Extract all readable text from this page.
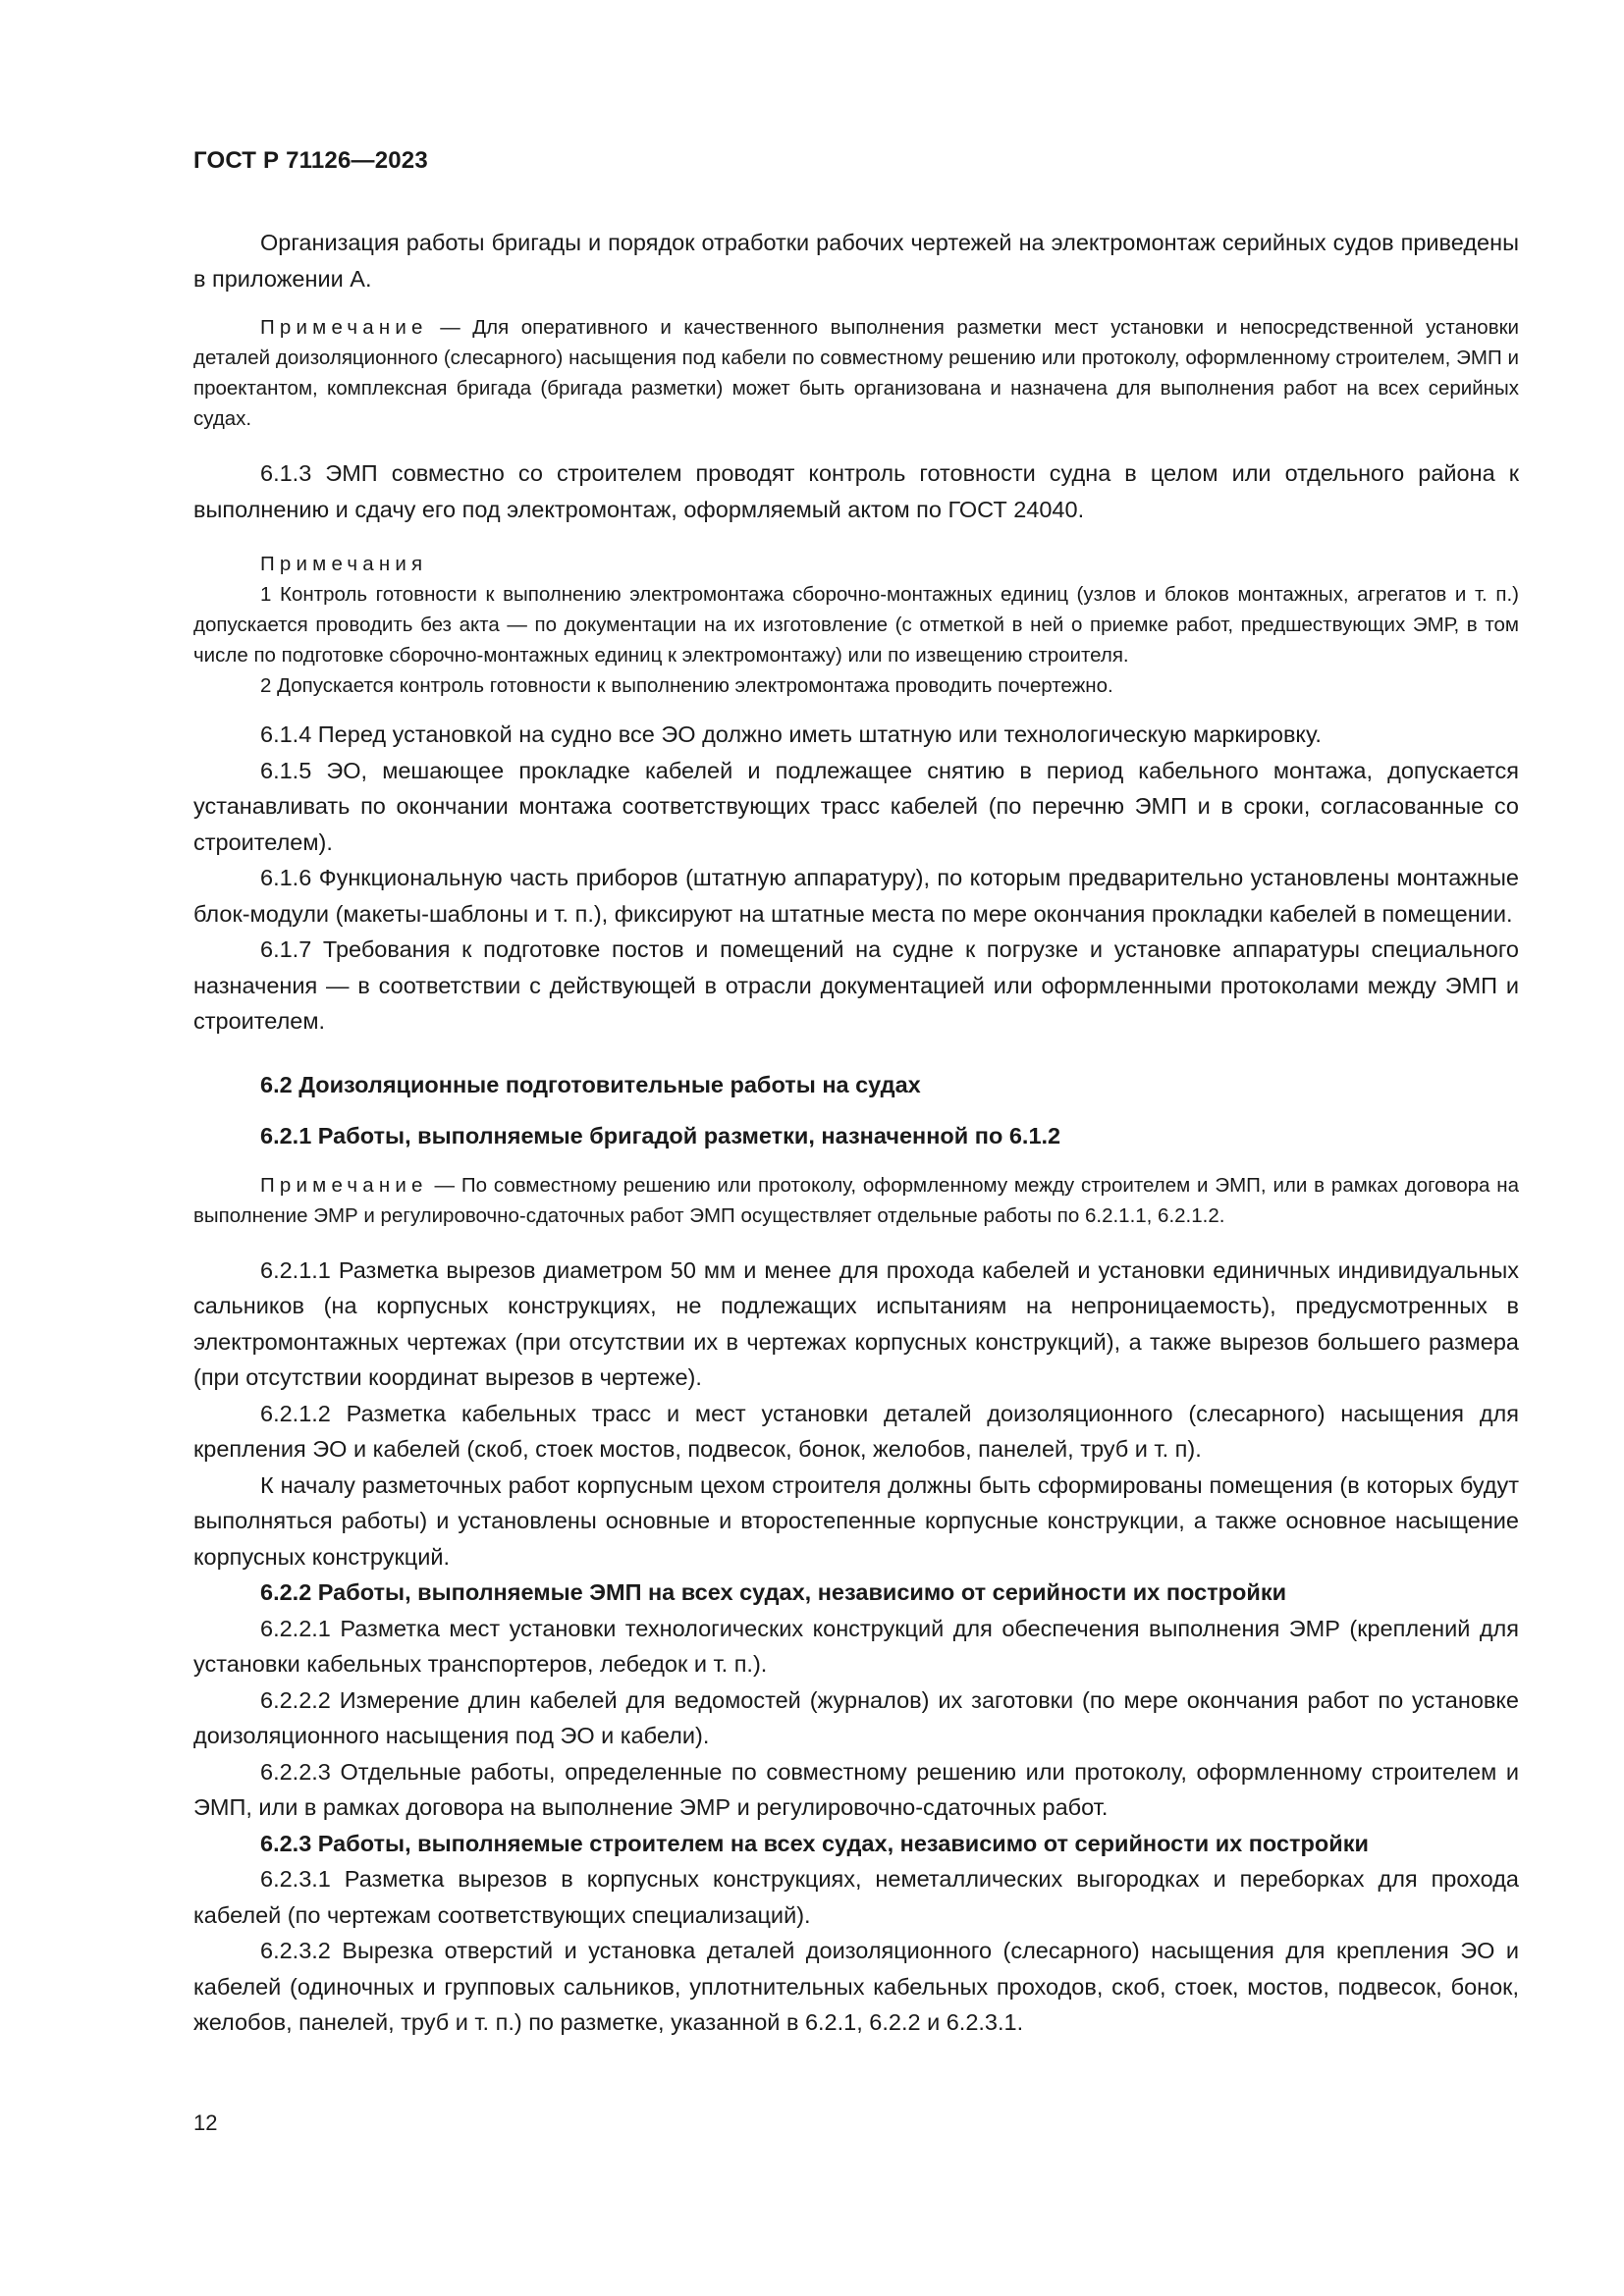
ГОСТ Р 71126—2023

Организация работы бригады и порядок отработки рабочих чертежей на электромонтаж серийных судов приведены в приложении А.

Примечание — Для оперативного и качественного выполнения разметки мест установки и непосредственной установки деталей доизоляционного (слесарного) насыщения под кабели по совместному решению или протоколу, оформленному строителем, ЭМП и проектантом, комплексная бригада (бригада разметки) может быть организована и назначена для выполнения работ на всех серийных судах.

6.1.3 ЭМП совместно со строителем проводят контроль готовности судна в целом или отдельного района к выполнению и сдачу его под электромонтаж, оформляемый актом по ГОСТ 24040.

Примечания

1 Контроль готовности к выполнению электромонтажа сборочно-монтажных единиц (узлов и блоков монтажных, агрегатов и т. п.) допускается проводить без акта — по документации на их изготовление (с отметкой в ней о приемке работ, предшествующих ЭМР, в том числе по подготовке сборочно-монтажных единиц к электромонтажу) или по извещению строителя.

2 Допускается контроль готовности к выполнению электромонтажа проводить почертежно.

6.1.4 Перед установкой на судно все ЭО должно иметь штатную или технологическую маркировку.

6.1.5 ЭО, мешающее прокладке кабелей и подлежащее снятию в период кабельного монтажа, допускается устанавливать по окончании монтажа соответствующих трасс кабелей (по перечню ЭМП и в сроки, согласованные со строителем).

6.1.6 Функциональную часть приборов (штатную аппаратуру), по которым предварительно установлены монтажные блок-модули (макеты-шаблоны и т. п.), фиксируют на штатные места по мере окончания прокладки кабелей в помещении.

6.1.7 Требования к подготовке постов и помещений на судне к погрузке и установке аппаратуры специального назначения — в соответствии с действующей в отрасли документацией или оформленными протоколами между ЭМП и строителем.

6.2 Доизоляционные подготовительные работы на судах

6.2.1 Работы, выполняемые бригадой разметки, назначенной по 6.1.2

Примечание — По совместному решению или протоколу, оформленному между строителем и ЭМП, или в рамках договора на выполнение ЭМР и регулировочно-сдаточных работ ЭМП осуществляет отдельные работы по 6.2.1.1, 6.2.1.2.

6.2.1.1 Разметка вырезов диаметром 50 мм и менее для прохода кабелей и установки единичных индивидуальных сальников (на корпусных конструкциях, не подлежащих испытаниям на непроницаемость), предусмотренных в электромонтажных чертежах (при отсутствии их в чертежах корпусных конструкций), а также вырезов большего размера (при отсутствии координат вырезов в чертеже).

6.2.1.2 Разметка кабельных трасс и мест установки деталей доизоляционного (слесарного) насыщения для крепления ЭО и кабелей (скоб, стоек мостов, подвесок, бонок, желобов, панелей, труб и т. п).

К началу разметочных работ корпусным цехом строителя должны быть сформированы помещения (в которых будут выполняться работы) и установлены основные и второстепенные корпусные конструкции, а также основное насыщение корпусных конструкций.

6.2.2 Работы, выполняемые ЭМП на всех судах, независимо от серийности их постройки

6.2.2.1 Разметка мест установки технологических конструкций для обеспечения выполнения ЭМР (креплений для установки кабельных транспортеров, лебедок и т. п.).

6.2.2.2 Измерение длин кабелей для ведомостей (журналов) их заготовки (по мере окончания работ по установке доизоляционного насыщения под ЭО и кабели).

6.2.2.3 Отдельные работы, определенные по совместному решению или протоколу, оформленному строителем и ЭМП, или в рамках договора на выполнение ЭМР и регулировочно-сдаточных работ.

6.2.3 Работы, выполняемые строителем на всех судах, независимо от серийности их постройки

6.2.3.1 Разметка вырезов в корпусных конструкциях, неметаллических выгородках и переборках для прохода кабелей (по чертежам соответствующих специализаций).

6.2.3.2 Вырезка отверстий и установка деталей доизоляционного (слесарного) насыщения для крепления ЭО и кабелей (одиночных и групповых сальников, уплотнительных кабельных проходов, скоб, стоек, мостов, подвесок, бонок, желобов, панелей, труб и т. п.) по разметке, указанной в 6.2.1, 6.2.2 и 6.2.3.1.

12
